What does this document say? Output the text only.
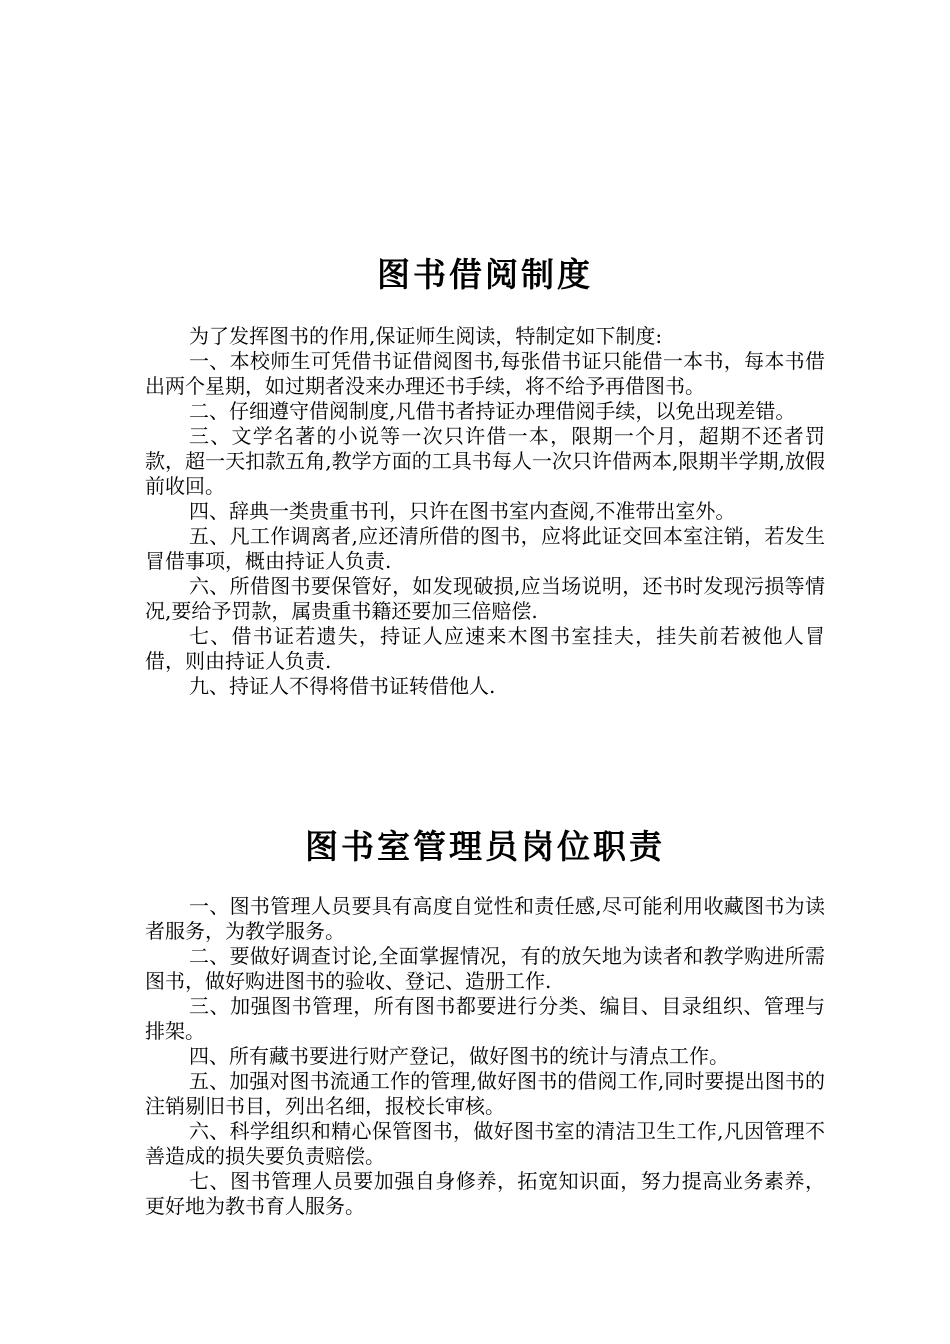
图书借阅制度

为了发挥图书的作用,保证师生阅读，特制定如下制度:

一、本校师生可凭借书证借阅图书,每张借书证只能借一本书，每本书借出两个星期，如过期者没来办理还书手续，将不给予再借图书。

二、仔细遵守借阅制度,凡借书者持证办理借阅手续，以免出现差错。

三、文学名著的小说等一次只许借一本，限期一个月，超期不还者罚款，超一天扣款五角,教学方面的工具书每人一次只许借两本,限期半学期,放假前收回。

四、辞典一类贵重书刊，只许在图书室内查阅,不准带出室外。

五、凡工作调离者,应还清所借的图书，应将此证交回本室注销，若发生冒借事项，概由持证人负责.

六、所借图书要保管好，如发现破损,应当场说明，还书时发现污损等情况,要给予罚款，属贵重书籍还要加三倍赔偿.

七、借书证若遗失，持证人应速来木图书室挂夫，挂失前若被他人冒借，则由持证人负责.

九、持证人不得将借书证转借他人.

图书室管理员岗位职责

一、图书管理人员要具有高度自觉性和责任感,尽可能利用收藏图书为读者服务，为教学服务。

二、要做好调查讨论,全面掌握情况，有的放矢地为读者和教学购进所需图书，做好购进图书的验收、登记、造册工作.

三、加强图书管理，所有图书都要进行分类、编目、目录组织、管理与排架。

四、所有藏书要进行财产登记，做好图书的统计与清点工作。

五、加强对图书流通工作的管理,做好图书的借阅工作,同时要提出图书的注销剔旧书目，列出名细，报校长审核。

六、科学组织和精心保管图书，做好图书室的清洁卫生工作,凡因管理不善造成的损失要负责赔偿。

七、图书管理人员要加强自身修养，拓宽知识面，努力提高业务素养，更好地为教书育人服务。
